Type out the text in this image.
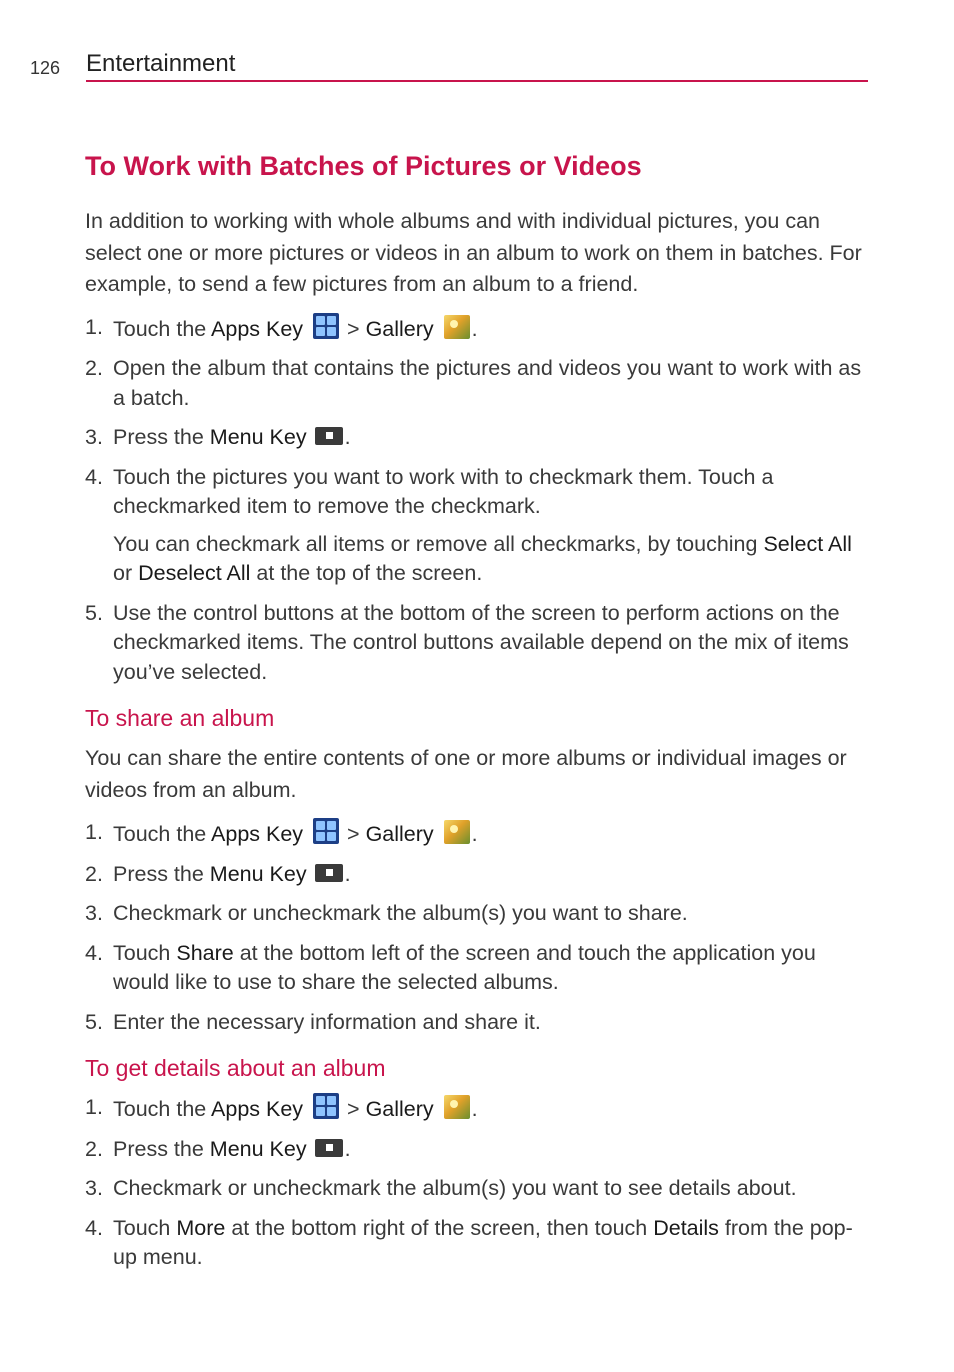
126 Entertainment
To Work with Batches of Pictures or Videos

In addition to working with whole albums and with individual pictures, you can select one or more pictures or videos in an album to work on them in batches. For example, to send a few pictures from an album to a friend.

1. Touch the Apps Key
> Gallery .
2. Open the album that contains the pictures and videos you want to work with as a batch.
3. Press the Menu Key .
4. Touch the pictures you want to work with to checkmark them. Touch a checkmarked item to remove the checkmark.
You can checkmark all items or remove all checkmarks, by touching Select All or Deselect All at the top of the screen.
5. Use the control buttons at the bottom of the screen to perform actions on the checkmarked items. The control buttons available depend on the mix of items you’ve selected.
To share an album

You can share the entire contents of one or more albums or individual images or videos from an album.

1. Touch the Apps Key
> Gallery .
2. Press the Menu Key .
3. Checkmark or uncheckmark the album(s) you want to share.
4. Touch Share at the bottom left of the screen and touch the application you would like to use to share the selected albums.
5. Enter the necessary information and share it.
To get details about an album
1. Touch the Apps Key
> Gallery .
2. Press the Menu Key .
3. Checkmark or uncheckmark the album(s) you want to see details about.
4. Touch More at the bottom right of the screen, then touch Details from the pop-up menu.
